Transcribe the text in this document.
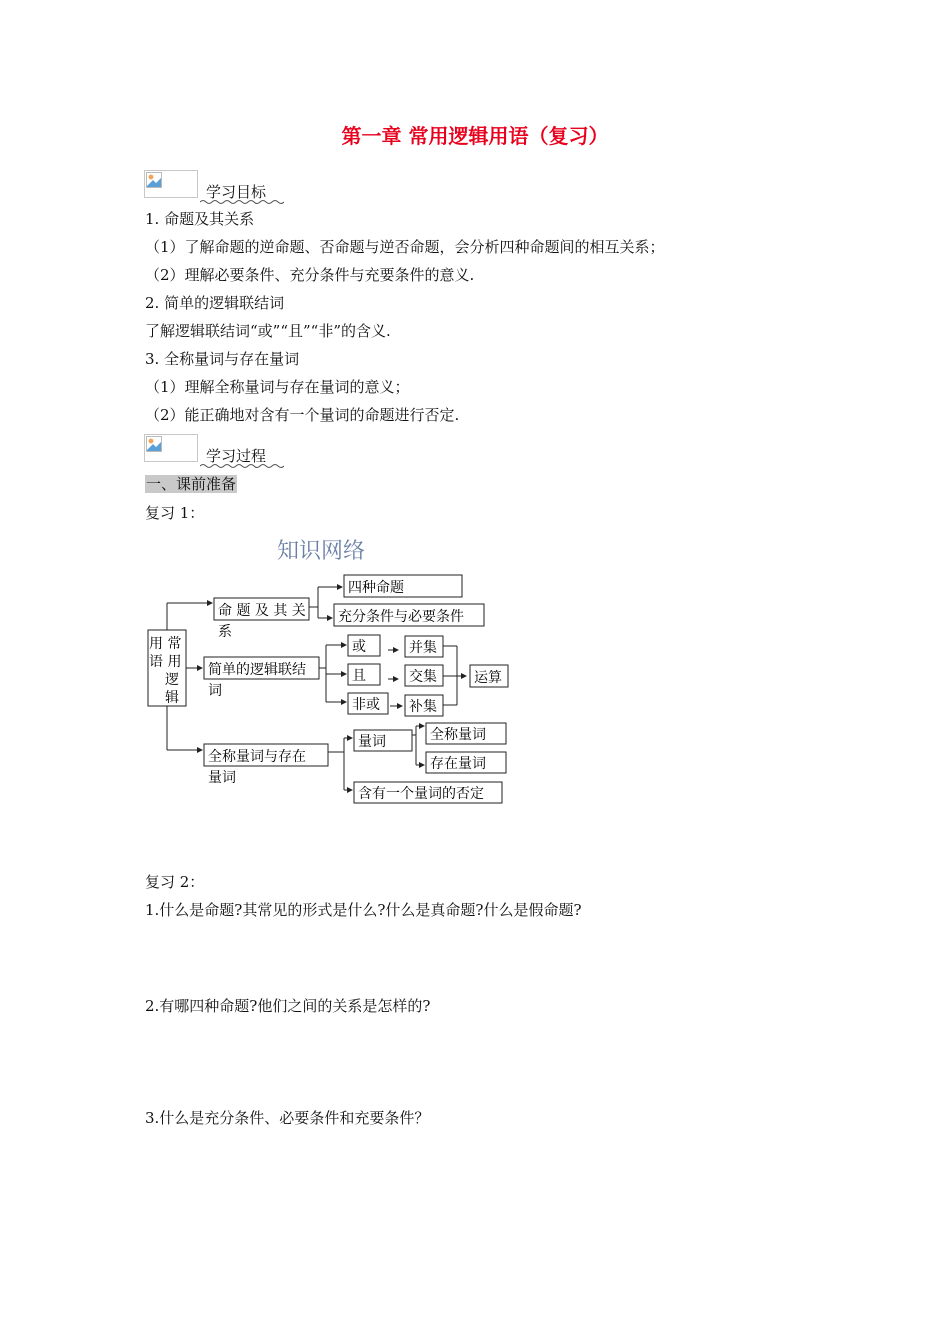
第一章 常用逻辑用语（复习）
学习目标
1. 命题及其关系
（1）了解命题的逆命题、否命题与逆否命题，会分析四种命题间的相互关系；
（2）理解必要条件、充分条件与充要条件的意义.
2. 简单的逻辑联结词
了解逻辑联结词“或”“且”“非”的含义.
3. 全称量词与存在量词
（1）理解全称量词与存在量词的意义；
（2）能正确地对含有一个量词的命题进行否定.
学习过程
一、课前准备
复习 1：
知识网络
用 常
语 用
逻
辑
命 题 及 其 关
系
四种命题
充分条件与必要条件
简单的逻辑联结
词
或
且
非或
并集
交集
补集
运算
全称量词与存在
量词
量词	全称量词
存在量词
含有一个量词的否定
复习 2：
1.什么是命题?其常见的形式是什么?什么是真命题?什么是假命题?
2.有哪四种命题?他们之间的关系是怎样的?
3.什么是充分条件、必要条件和充要条件？
